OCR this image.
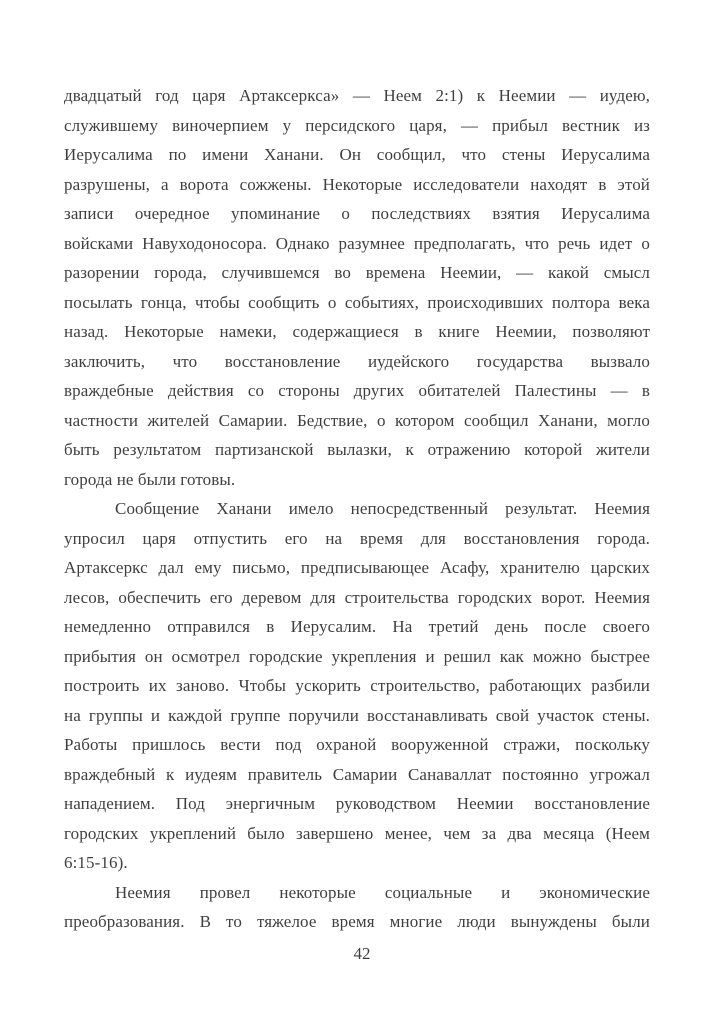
двадцатый год царя Артаксеркса» — Неем 2:1) к Неемии — иудею,
служившему виночерпием у персидского царя, — прибыл вестник из
Иерусалима по имени Ханани. Он сообщил, что стены Иерусалима
разрушены, а ворота сожжены. Некоторые исследователи находят в этой
записи очередное упоминание о последствиях взятия Иерусалима
войсками Навуходоносора. Однако разумнее предполагать, что речь идет о
разорении города, случившемся во времена Неемии, — какой смысл
посылать гонца, чтобы сообщить о событиях, происходивших полтора века
назад. Некоторые намеки, содержащиеся в книге Неемии, позволяют
заключить, что восстановление иудейского государства вызвало
враждебные действия со стороны других обитателей Палестины — в
частности жителей Самарии. Бедствие, о котором сообщил Ханани, могло
быть результатом партизанской вылазки, к отражению которой жители
города не были готовы.
Сообщение Ханани имело непосредственный результат. Неемия
упросил царя отпустить его на время для восстановления города.
Артаксеркс дал ему письмо, предписывающее Асафу, хранителю царских
лесов, обеспечить его деревом для строительства городских ворот. Неемия
немедленно отправился в Иерусалим. На третий день после своего
прибытия он осмотрел городские укрепления и решил как можно быстрее
построить их заново. Чтобы ускорить строительство, работающих разбили
на группы и каждой группе поручили восстанавливать свой участок стены.
Работы пришлось вести под охраной вооруженной стражи, поскольку
враждебный к иудеям правитель Самарии Санаваллат постоянно угрожал
нападением. Под энергичным руководством Неемии восстановление
городских укреплений было завершено менее, чем за два месяца (Неем
6:15-16).
Неемия провел некоторые социальные и экономические
преобразования. В то тяжелое время многие люди вынуждены были
42
